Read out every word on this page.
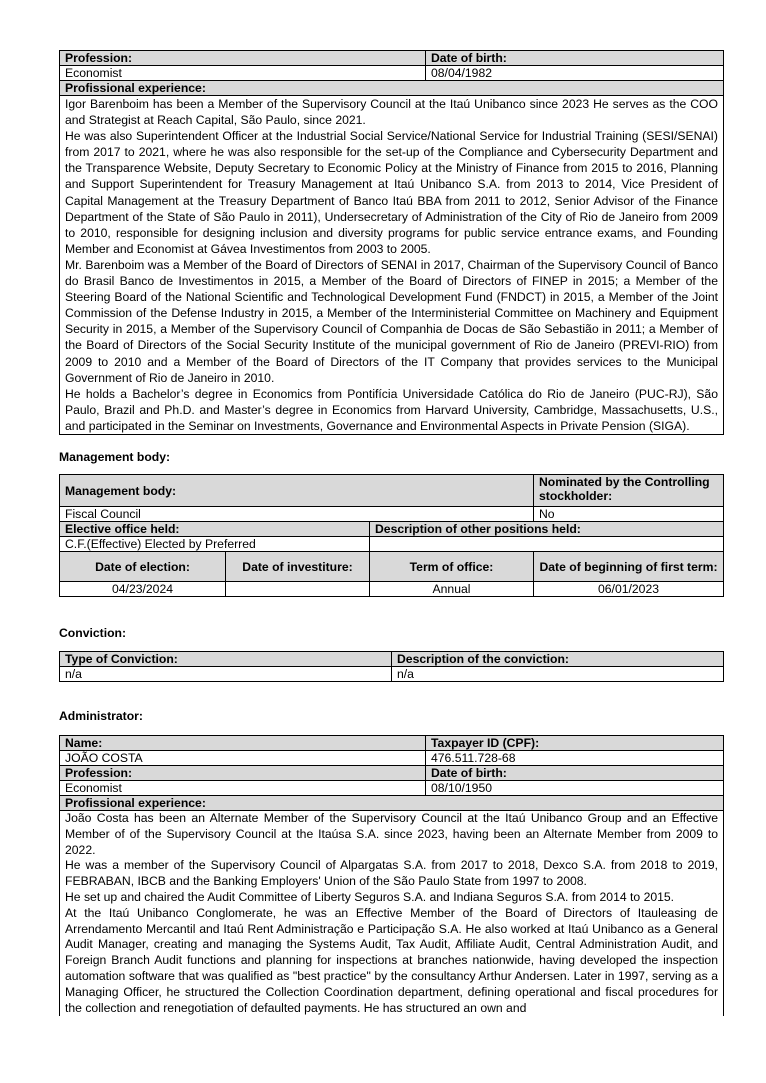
Profession:	Date of birth:
Economist	08/04/1982
Profissional experience:	

Igor Barenboim has been a Member of the Supervisory Council at the Itaú Unibanco since 2023 He serves as the COO and Strategist at Reach Capital, São Paulo, since 2021.

He was also Superintendent Officer at the Industrial Social Service/National Service for Industrial Training (SESI/SENAI) from 2017 to 2021, where he was also responsible for the set-up of the Compliance and Cybersecurity Department and the Transparence Website, Deputy Secretary to Economic Policy at the Ministry of Finance from 2015 to 2016, Planning and Support Superintendent for Treasury Management at Itaú Unibanco S.A. from 2013 to 2014, Vice President of Capital Management at the Treasury Department of Banco Itaú BBA from 2011 to 2012, Senior Advisor of the Finance Department of the State of São Paulo in 2011), Undersecretary of Administration of the City of Rio de Janeiro from 2009 to 2010, responsible for designing inclusion and diversity programs for public service entrance exams, and Founding Member and Economist at Gávea Investimentos from 2003 to 2005.

Mr. Barenboim was a Member of the Board of Directors of SENAI in 2017, Chairman of the Supervisory Council of Banco do Brasil Banco de Investimentos in 2015, a Member of the Board of Directors of FINEP in 2015; a Member of the Steering Board of the National Scientific and Technological Development Fund (FNDCT) in 2015, a Member of the Joint Commission of the Defense Industry in 2015, a Member of the Interministerial Committee on Machinery and Equipment Security in 2015, a Member of the Supervisory Council of Companhia de Docas de São Sebastião in 2011; a Member of the Board of Directors of the Social Security Institute of the municipal government of Rio de Janeiro (PREVI-RIO) from 2009 to 2010 and a Member of the Board of Directors of the IT Company that provides services to the Municipal Government of Rio de Janeiro in 2010.

He holds a Bachelor’s degree in Economics from Pontifícia Universidade Católica do Rio de Janeiro (PUC-RJ), São Paulo, Brazil and Ph.D. and Master’s degree in Economics from Harvard University, Cambridge, Massachusetts, U.S., and participated in the Seminar on Investments, Governance and Environmental Aspects in Private Pension (SIGA).	

Management body:
Management body:			Nominated by the Controlling stockholder:
Fiscal Council			No
Elective office held:		Description of other positions held:	
C.F.(Effective) Elected by Preferred			
Date of election:	Date of investiture:	Term of office:	Date of beginning of first term:
04/23/2024		Annual	06/01/2023
Conviction:
Type of Conviction:	Description of the conviction:
n/a	n/a
Administrator:
Name:	Taxpayer ID (CPF):
JOÃO COSTA	476.511.728-68
Profession:	Date of birth:
Economist	08/10/1950
Profissional experience:	

João Costa has been an Alternate Member of the Supervisory Council at the Itaú Unibanco Group and an Effective Member of of the Supervisory Council at the Itaúsa S.A. since 2023, having been an Alternate Member from 2009 to 2022.

He was a member of the Supervisory Council of Alpargatas S.A. from 2017 to 2018, Dexco S.A. from 2018 to 2019, FEBRABAN, IBCB and the Banking Employers' Union of the São Paulo State from 1997 to 2008.

He set up and chaired the Audit Committee of Liberty Seguros S.A. and Indiana Seguros S.A. from 2014 to 2015.

At the Itaú Unibanco Conglomerate, he was an Effective Member of the Board of Directors of Itauleasing de Arrendamento Mercantil and Itaú Rent Administração e Participação S.A. He also worked at Itaú Unibanco as a General Audit Manager, creating and managing the Systems Audit, Tax Audit, Affiliate Audit, Central Administration Audit, and Foreign Branch Audit functions and planning for inspections at branches nationwide, having developed the inspection automation software that was qualified as "best practice" by the consultancy Arthur Andersen. Later in 1997, serving as a Managing Officer, he structured the Collection Coordination department, defining operational and fiscal procedures for the collection and renegotiation of defaulted payments. He has structured an own and	
